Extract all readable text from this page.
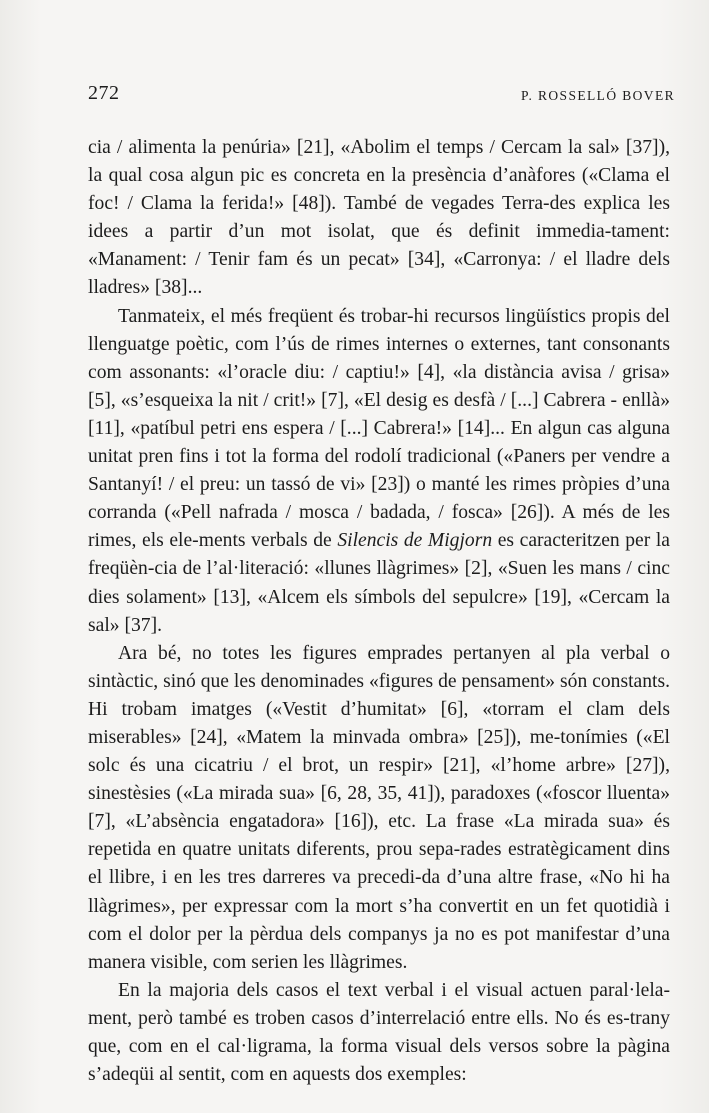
272	P. ROSSELLÓ BOVER

cia / alimenta la penúria» [21], «Abolim el temps / Cercam la sal» [37]), la qual cosa algun pic es concreta en la presència d’anàfores («Clama el foc! / Clama la ferida!» [48]). També de vegades Terra-des explica les idees a partir d’un mot isolat, que és definit immedia-tament: «Manament: / Tenir fam és un pecat» [34], «Carronya: / el lladre dels lladres» [38]...

Tanmateix, el més freqüent és trobar-hi recursos lingüístics propis del llenguatge poètic, com l’ús de rimes internes o externes, tant consonants com assonants: «l’oracle diu: / captiu!» [4], «la distància avisa / grisa» [5], «s’esqueixa la nit / crit!» [7], «El desig es desfà / [...] Cabrera - enllà» [11], «patíbul petri ens espera / [...] Cabrera!» [14]... En algun cas alguna unitat pren fins i tot la forma del rodolí tradicional («Paners per vendre a Santanyí! / el preu: un tassó de vi» [23]) o manté les rimes pròpies d’una corranda («Pell nafrada / mosca / badada, / fosca» [26]). A més de les rimes, els ele-ments verbals de Silencis de Migjorn es caracteritzen per la freqüèn-cia de l’al·literació: «llunes llàgrimes» [2], «Suen les mans / cinc dies solament» [13], «Alcem els símbols del sepulcre» [19], «Cercam la sal» [37].

Ara bé, no totes les figures emprades pertanyen al pla verbal o sintàctic, sinó que les denominades «figures de pensament» són constants. Hi trobam imatges («Vestit d’humitat» [6], «torram el clam dels miserables» [24], «Matem la minvada ombra» [25]), me-tonímies («El solc és una cicatriu / el brot, un respir» [21], «l’home arbre» [27]), sinestèsies («La mirada sua» [6, 28, 35, 41]), paradoxes («foscor lluenta» [7], «L’absència engatadora» [16]), etc. La frase «La mirada sua» és repetida en quatre unitats diferents, prou sepa-rades estratègicament dins el llibre, i en les tres darreres va precedi-da d’una altre frase, «No hi ha llàgrimes», per expressar com la mort s’ha convertit en un fet quotidià i com el dolor per la pèrdua dels companys ja no es pot manifestar d’una manera visible, com serien les llàgrimes.

En la majoria dels casos el text verbal i el visual actuen paral·lela-ment, però també es troben casos d’interrelació entre ells. No és es-trany que, com en el cal·ligrama, la forma visual dels versos sobre la pàgina s’adeqüi al sentit, com en aquests dos exemples:
